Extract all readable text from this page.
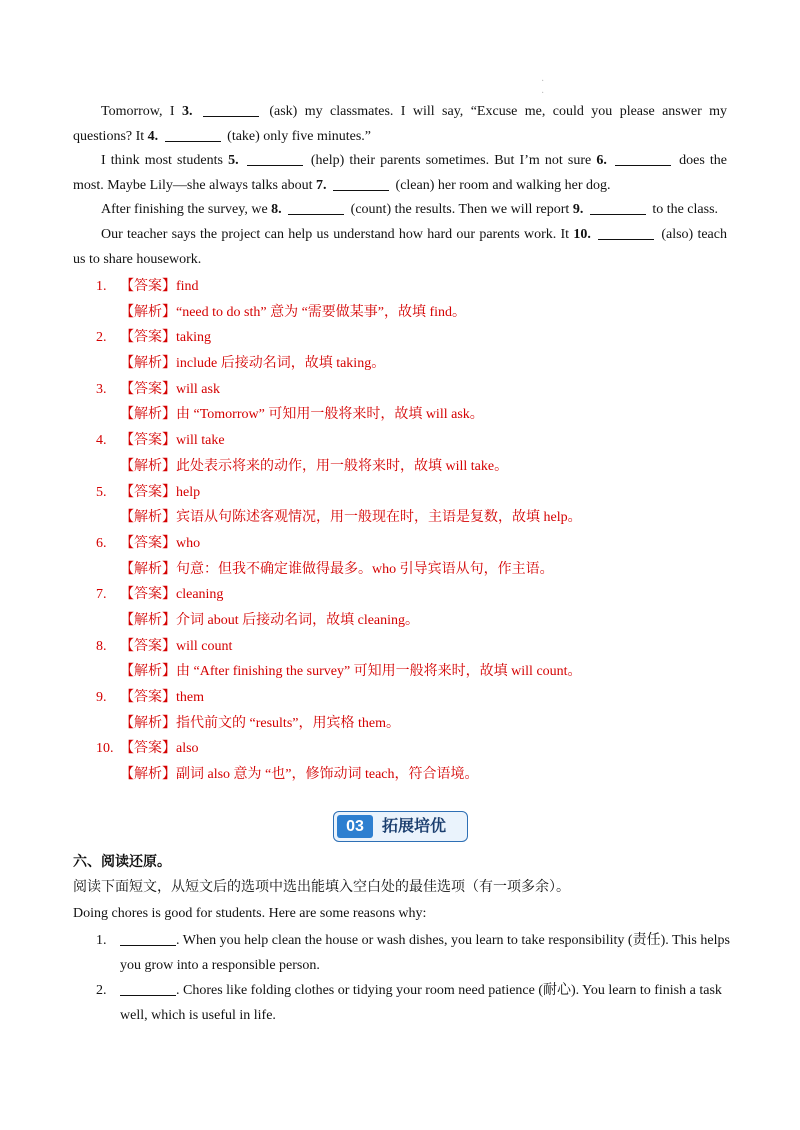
·
·
Tomorrow, I 3.	(ask) my classmates. I will say, “Excuse me, could you please answer my questions? It 4.	(take) only five minutes.”
I think most students 5.	(help) their parents sometimes. But I’m not sure 6.	does the most. Maybe Lily—she always talks about 7.	(clean) her room and walking her dog.
After finishing the survey, we 8.	(count) the results. Then we will report 9.	to the class.
Our teacher says the project can help us understand how hard our parents work. It 10.	(also) teach us to share housework.
1. 【答案】find
【解析】“need to do sth” 意为 “需要做某事”，故填 find。
2. 【答案】taking
【解析】include 后接动名词，故填 taking。
3. 【答案】will ask
【解析】由 “Tomorrow” 可知用一般将来时，故填 will ask。
4. 【答案】will take
【解析】此处表示将来的动作，用一般将来时，故填 will take。
5. 【答案】help
【解析】宾语从句陈述客观情况，用一般现在时，主语是复数，故填 help。
6. 【答案】who
【解析】句意：但我不确定谁做得最多。who 引导宾语从句，作主语。
7. 【答案】cleaning
【解析】介词 about 后接动名词，故填 cleaning。
8. 【答案】will count
【解析】由 “After finishing the survey” 可知用一般将来时，故填 will count。
9. 【答案】them
【解析】指代前文的 “results”，用宾格 them。
10. 【答案】also
【解析】副词 also 意为 “也”，修饰动词 teach，符合语境。
03	拓展培优
六、阅读还原。
阅读下面短文，从短文后的选项中选出能填入空白处的最佳选项（有一项多余）。
Doing chores is good for students. Here are some reasons why:
1.	. When you help clean the house or wash dishes, you learn to take responsibility (责任). This helps you grow into a responsible person.
2.	. Chores like folding clothes or tidying your room need patience (耐心). You learn to finish a task well, which is useful in life.
